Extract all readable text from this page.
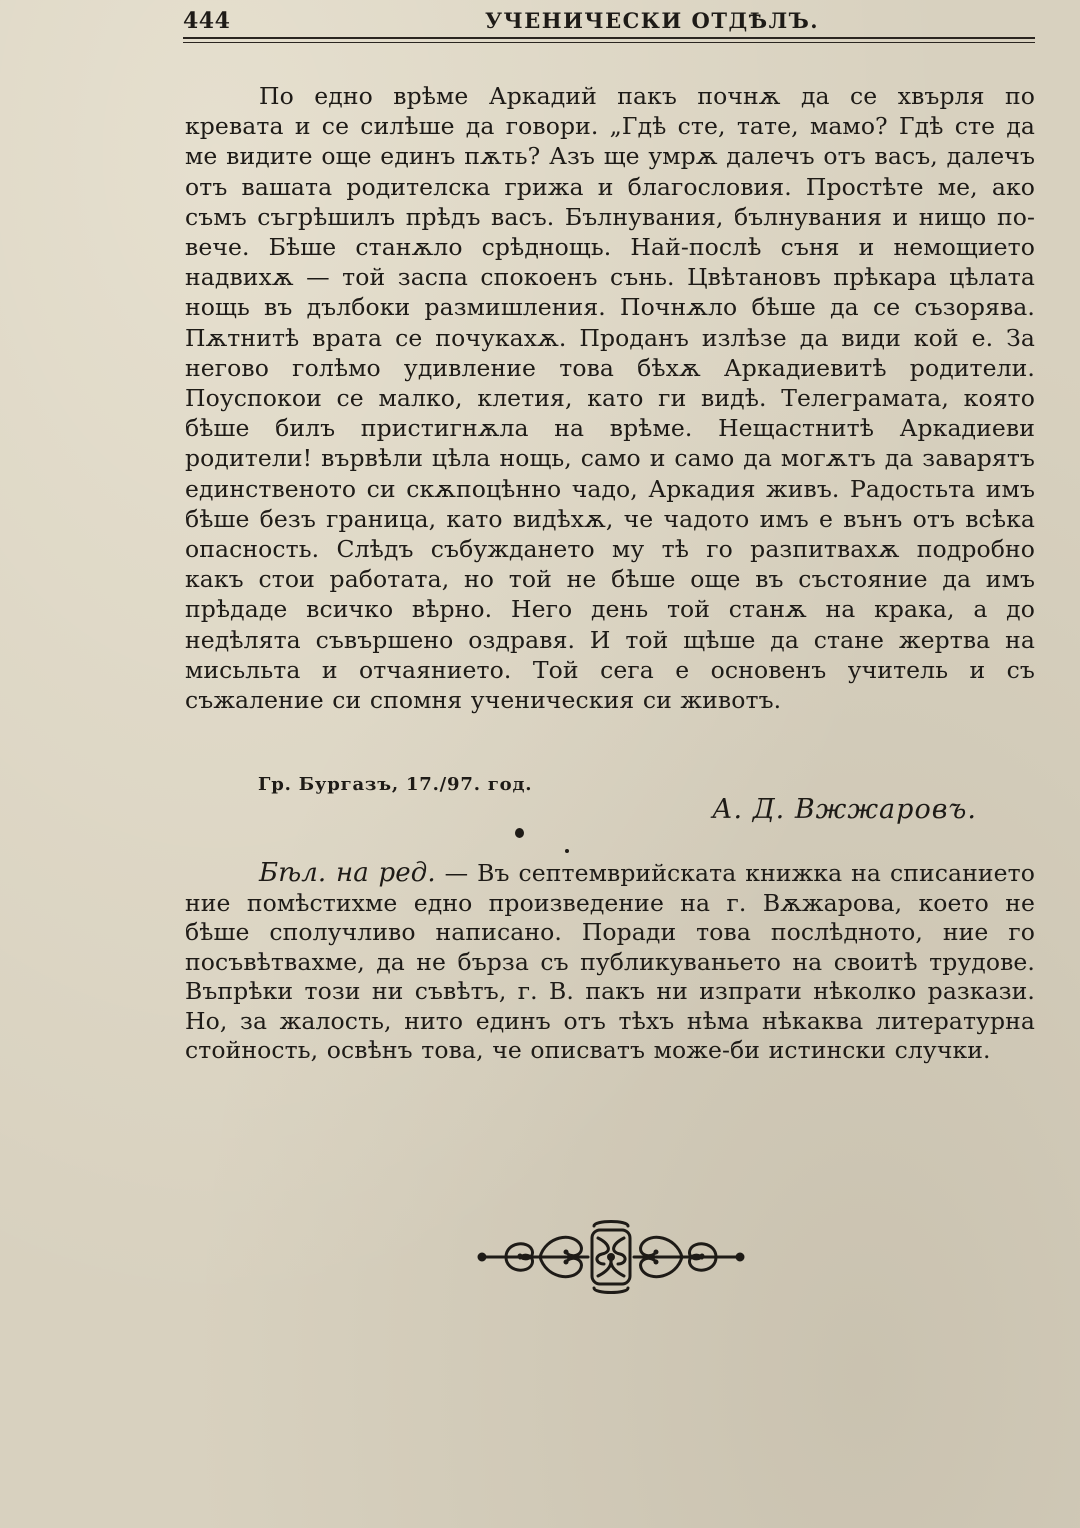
444	УЧЕНИЧЕСКИ ОТДѢЛЪ.

По едно врѣме Аркадий пакъ почнѫ да се хвърля по кревата и се силѣше да говори. „Гдѣ сте, тате, мамо? Гдѣ сте да ме видите още единъ пѫть? Азъ ще умрѫ далечъ отъ васъ, далечъ отъ вашата родителска грижа и благословия. Простѣте ме, ако съмъ съгрѣшилъ прѣдъ васъ. Бълнувания, бълнувания и нищо по-вече. Бѣше станѫло срѣднощь. Най-послѣ съня и немощието надвихѫ — той заспа спокоенъ сънь. Цвѣтановъ прѣкара цѣлата нощь въ дълбоки размишления. Почнѫло бѣше да се съзорява. Пѫтнитѣ врата се почукахѫ. Проданъ излѣзе да види кой е. За негово голѣмо удивление това бѣхѫ Аркадиевитѣ родители. Поуспокои се малко, клетия, като ги видѣ. Телеграмата, която бѣше билъ пристигнѫла на врѣме. Нещастнитѣ Аркадиеви родители! вървѣли цѣла нощь, само и само да могѫтъ да заварятъ единственото си скѫпоцѣнно чадо, Аркадия живъ. Радостьта имъ бѣше безъ граница, като видѣхѫ, че чадото имъ е вънъ отъ всѣка опасность. Слѣдъ събуждането му тѣ го разпитвахѫ подробно какъ стои работата, но той не бѣше още въ състояние да имъ прѣдаде всичко вѣрно. Него день той станѫ на крака, а до недѣлята съвършено оздравя. И той щѣше да стане жертва на мисьльта и отчаянието. Той сега е основенъ учитель и съ съжаление си спомня ученическия си животъ.

Гр. Бургазъ, 17./97. год.
А. Д. Вжжаровъ.

Бѣл. на ред. — Въ септемврийската книжка на списанието ние помѣстихме едно произведение на г. Вѫжарова, което не бѣше сполучливо написано. Поради това послѣдното, ние го посъвѣтвахме, да не бърза съ публикуваньето на своитѣ трудове. Въпрѣки този ни съвѣтъ, г. В. пакъ ни изпрати нѣколко разкази. Но, за жалость, нито единъ отъ тѣхъ нѣма нѣкаква литературна стойность, освѣнъ това, че описватъ може-би истински случки.
